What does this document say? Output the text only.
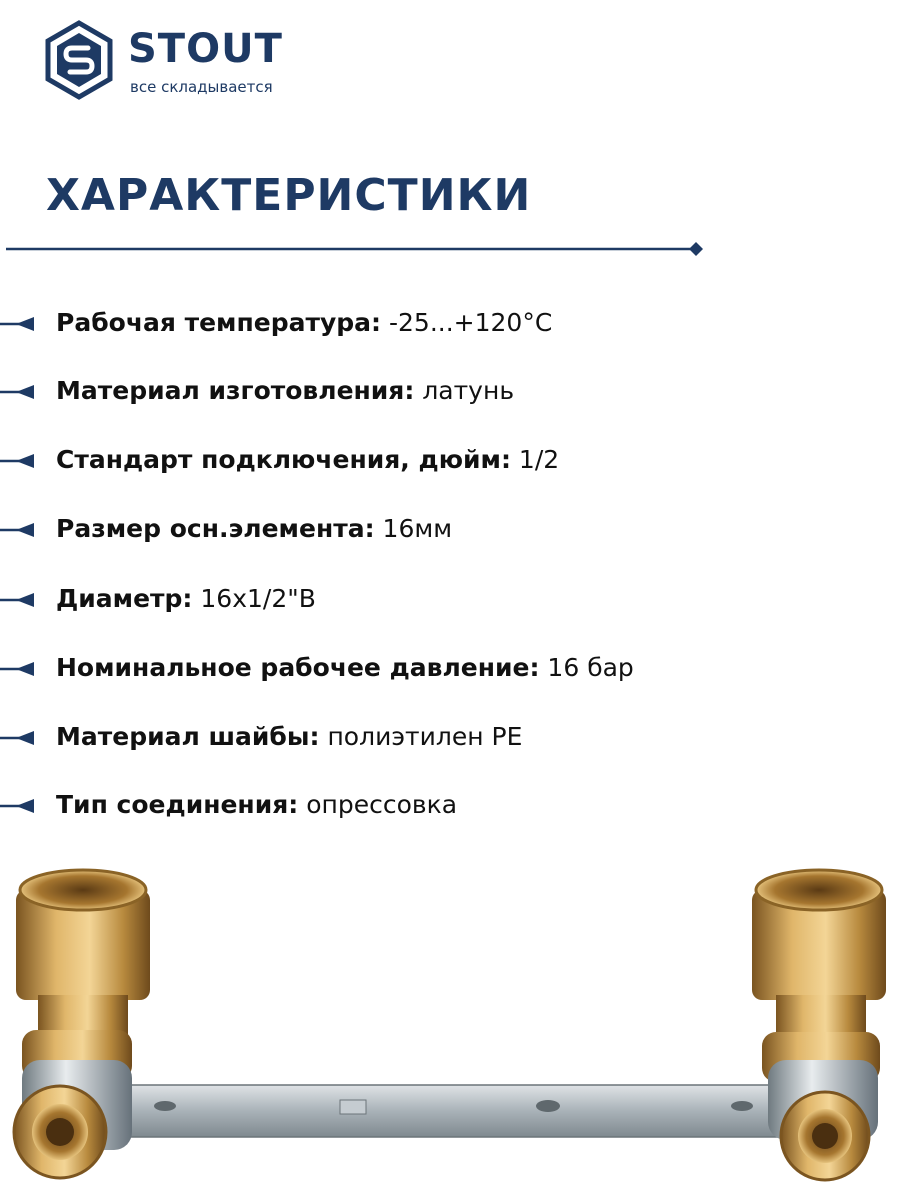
STOUT
все складывается
ХАРАКТЕРИСТИКИ
Рабочая температура: -25...+120°C
Материал изготовления: латунь
Стандарт подключения, дюйм: 1/2
Размер осн.элемента: 16мм
Диаметр: 16x1/2"B
Номинальное рабочее давление: 16 бар
Материал шайбы: полиэтилен PE
Тип соединения: опрессовка
